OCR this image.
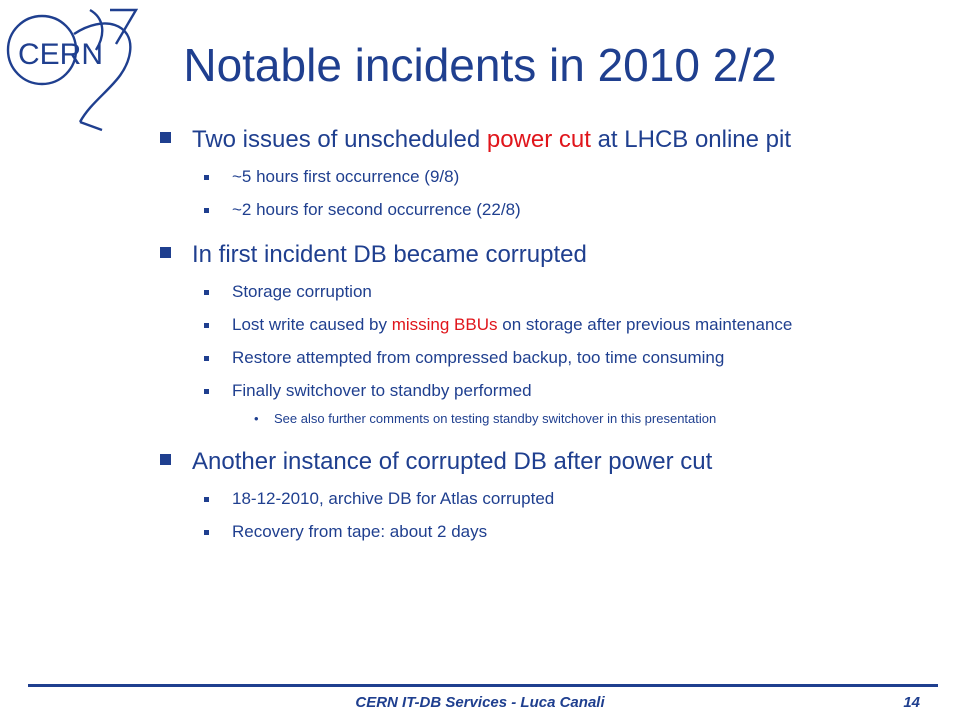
CERN	Notable incidents in 2010 2/2
Two issues of unscheduled power cut at LHCB online pit
~5 hours first occurrence (9/8)
~2 hours for second occurrence (22/8)
In first incident DB became corrupted
Storage corruption
Lost write caused by missing BBUs on storage after previous maintenance
Restore attempted from compressed backup, too time consuming
Finally switchover to standby performed
• See also further comments on testing standby switchover in this presentation
Another instance of corrupted DB after power cut
18-12-2010, archive DB for Atlas corrupted
Recovery from tape: about 2 days
CERN IT-DB Services - Luca Canali	14
